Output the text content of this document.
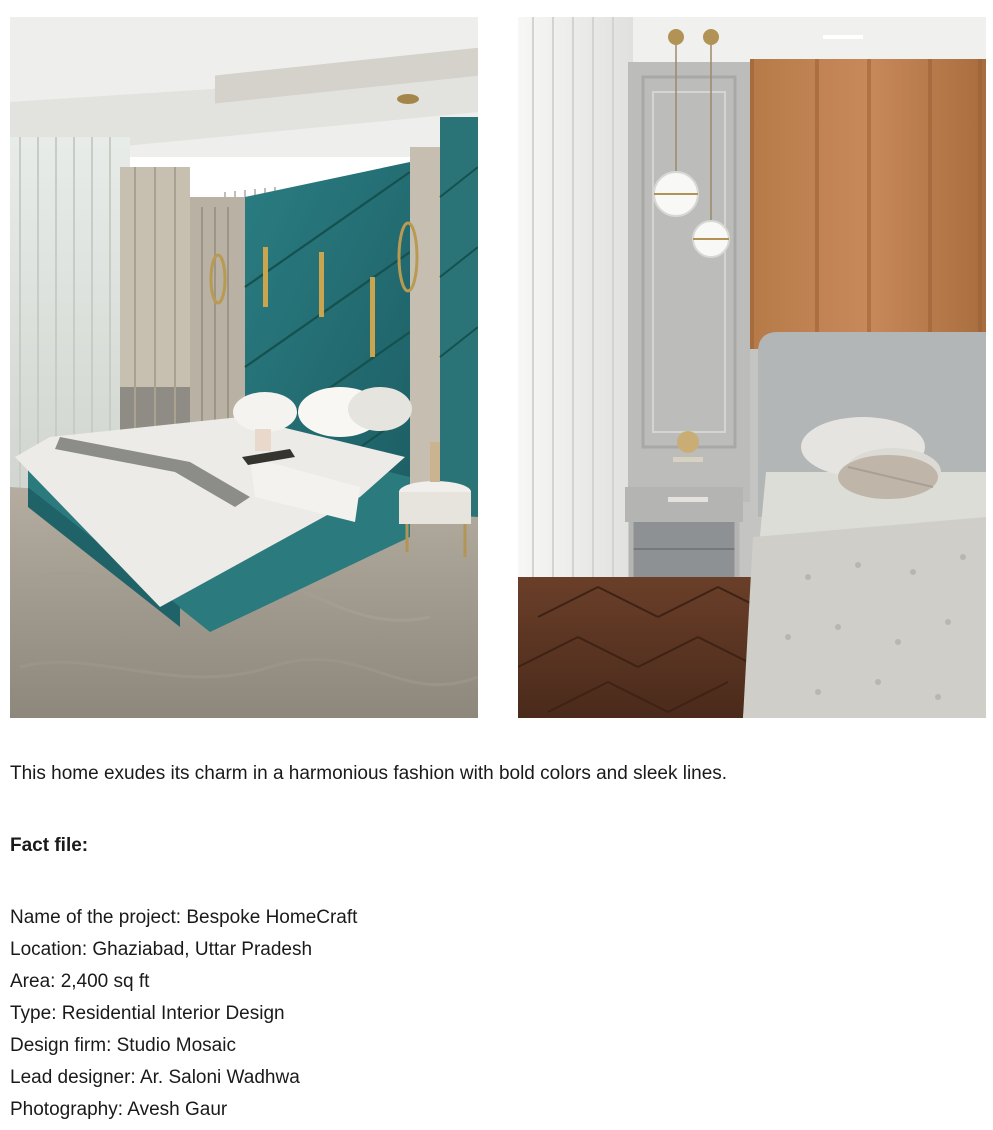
This home exudes its charm in a harmonious fashion with bold colors and sleek lines.

Fact file:

Name of the project: Bespoke HomeCraft

Location: Ghaziabad, Uttar Pradesh

Area: 2,400 sq ft

Type: Residential Interior Design

Design firm: Studio Mosaic

Lead designer: Ar. Saloni Wadhwa

Photography: Avesh Gaur
